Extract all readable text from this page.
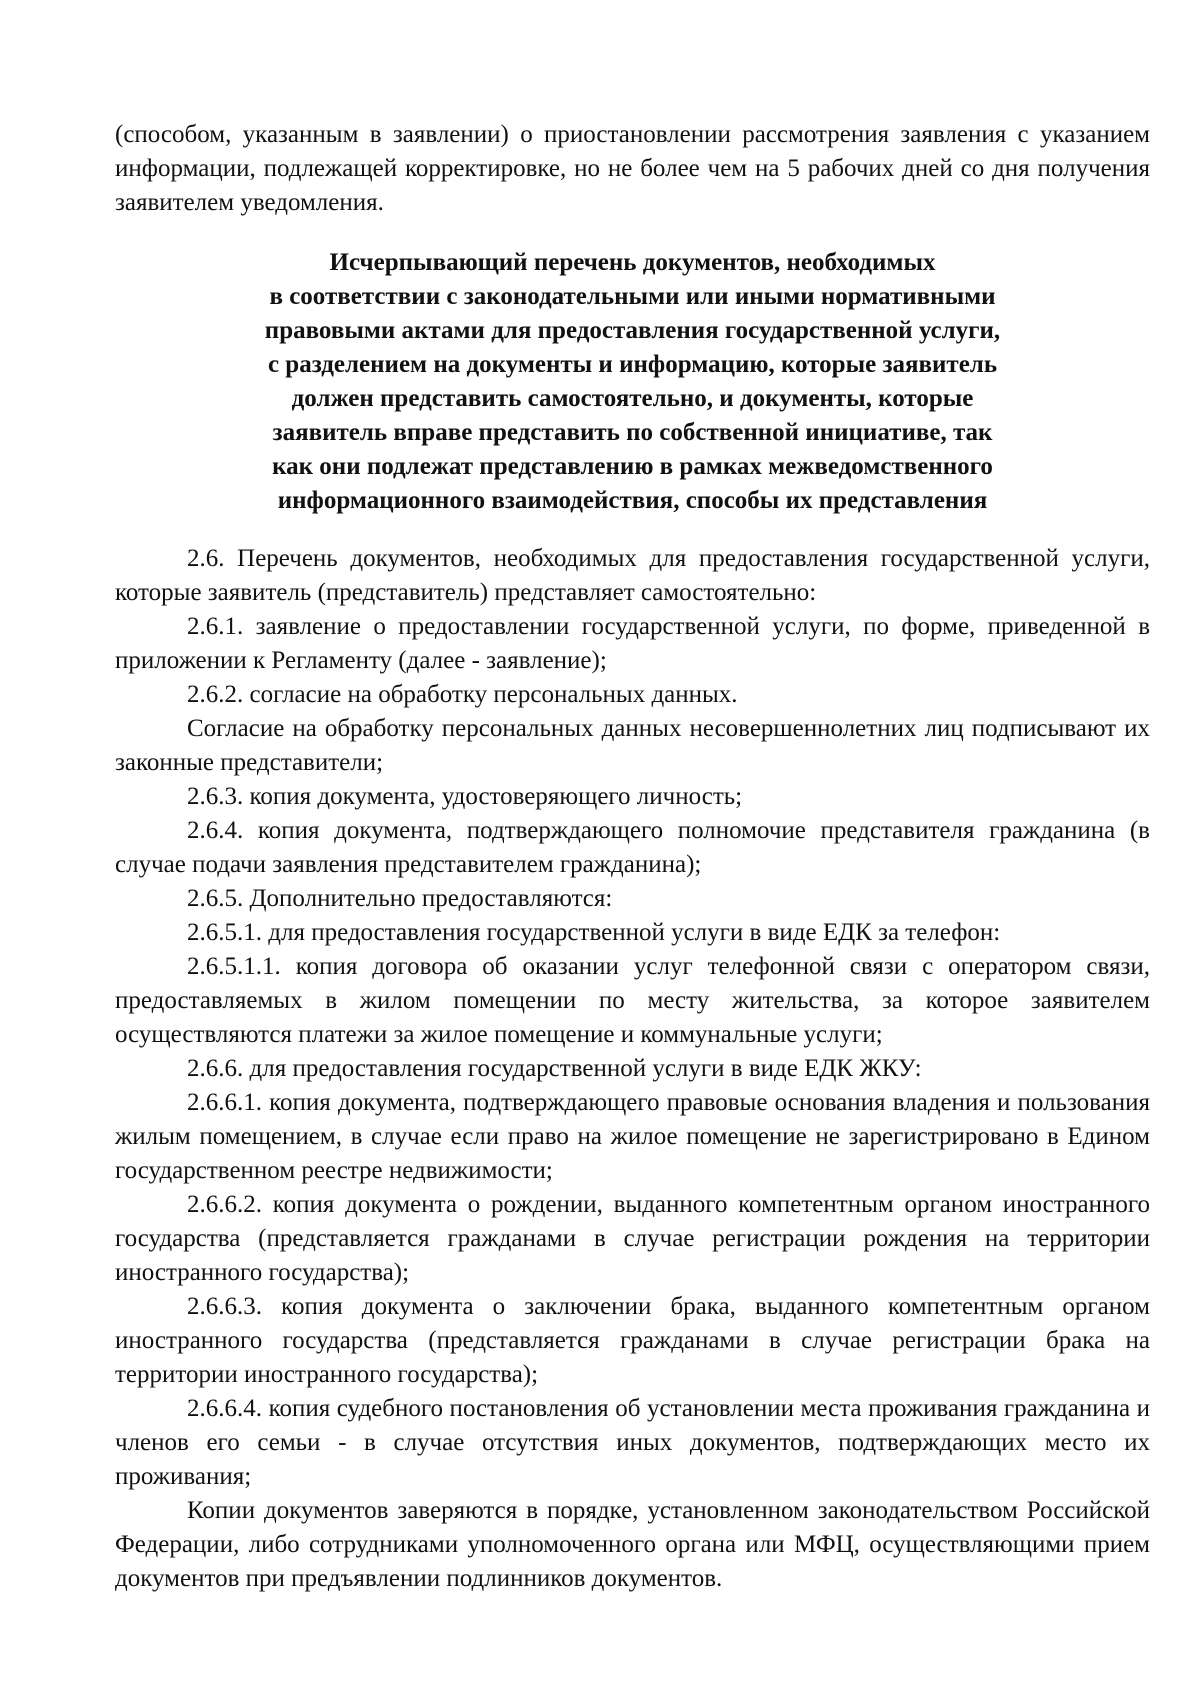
(способом, указанным в заявлении) о приостановлении рассмотрения заявления с указанием информации, подлежащей корректировке, но не более чем на 5 рабочих дней со дня получения заявителем уведомления.

Исчерпывающий перечень документов, необходимых
в соответствии с законодательными или иными нормативными
правовыми актами для предоставления государственной услуги,
с разделением на документы и информацию, которые заявитель
должен представить самостоятельно, и документы, которые
заявитель вправе представить по собственной инициативе, так
как они подлежат представлению в рамках межведомственного
информационного взаимодействия, способы их представления

2.6. Перечень документов, необходимых для предоставления государственной услуги, которые заявитель (представитель) представляет самостоятельно:

2.6.1. заявление о предоставлении государственной услуги, по форме, приведенной в приложении к Регламенту (далее - заявление);

2.6.2. согласие на обработку персональных данных.

Согласие на обработку персональных данных несовершеннолетних лиц подписывают их законные представители;

2.6.3. копия документа, удостоверяющего личность;

2.6.4. копия документа, подтверждающего полномочие представителя гражданина (в случае подачи заявления представителем гражданина);

2.6.5. Дополнительно предоставляются:

2.6.5.1. для предоставления государственной услуги в виде ЕДК за телефон:

2.6.5.1.1. копия договора об оказании услуг телефонной связи с оператором связи, предоставляемых в жилом помещении по месту жительства, за которое заявителем осуществляются платежи за жилое помещение и коммунальные услуги;

2.6.6. для предоставления государственной услуги в виде ЕДК ЖКУ:

2.6.6.1. копия документа, подтверждающего правовые основания владения и пользования жилым помещением, в случае если право на жилое помещение не зарегистрировано в Едином государственном реестре недвижимости;

2.6.6.2. копия документа о рождении, выданного компетентным органом иностранного государства (представляется гражданами в случае регистрации рождения на территории иностранного государства);

2.6.6.3. копия документа о заключении брака, выданного компетентным органом иностранного государства (представляется гражданами в случае регистрации брака на территории иностранного государства);

2.6.6.4. копия судебного постановления об установлении места проживания гражданина и членов его семьи - в случае отсутствия иных документов, подтверждающих место их проживания;

Копии документов заверяются в порядке, установленном законодательством Российской Федерации, либо сотрудниками уполномоченного органа или МФЦ, осуществляющими прием документов при предъявлении подлинников документов.
